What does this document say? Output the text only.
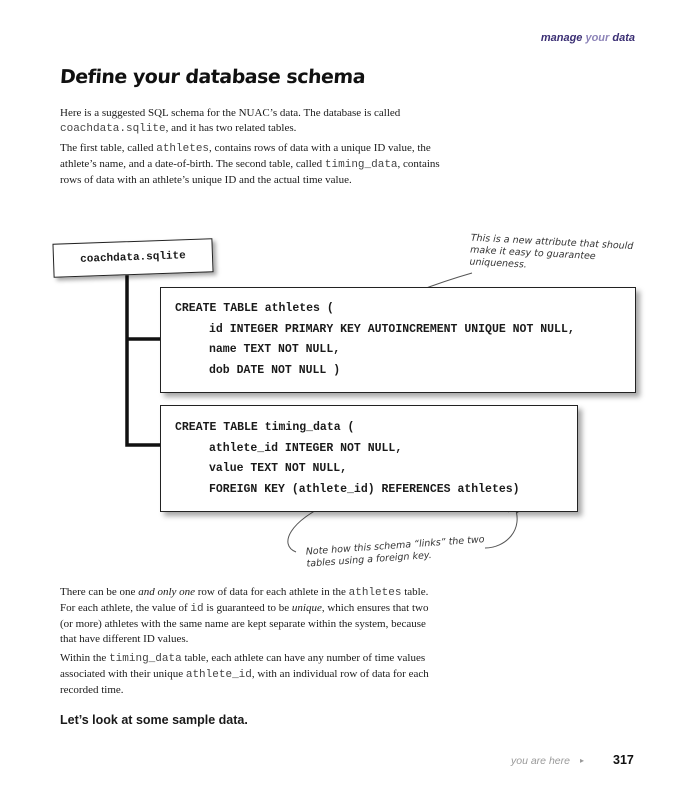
manage your data
Define your database schema

Here is a suggested SQL schema for the NUAC’s data. The database is called coachdata.sqlite, and it has two related tables.

The first table, called athletes, contains rows of data with a unique ID value, the athlete’s name, and a date-of-birth. The second table, called timing_data, contains rows of data with an athlete’s unique ID and the actual time value.

coachdata.sqlite
CREATE TABLE athletes (
id INTEGER PRIMARY KEY AUTOINCREMENT UNIQUE NOT NULL,
name TEXT NOT NULL,
dob DATE NOT NULL )
CREATE TABLE timing_data (
athlete_id INTEGER NOT NULL,
value TEXT NOT NULL,
FOREIGN KEY (athlete_id) REFERENCES athletes)

This is a new attribute that should make it easy to guarantee uniqueness.

Note how this schema “links” the two tables using a foreign key.

There can be one and only one row of data for each athlete in the athletes table. For each athlete, the value of id is guaranteed to be unique, which ensures that two (or more) athletes with the same name are kept separate within the system, because that have different ID values.

Within the timing_data table, each athlete can have any number of time values associated with their unique athlete_id, with an individual row of data for each recorded time.

Let’s look at some sample data.

you are here ▸ 317
